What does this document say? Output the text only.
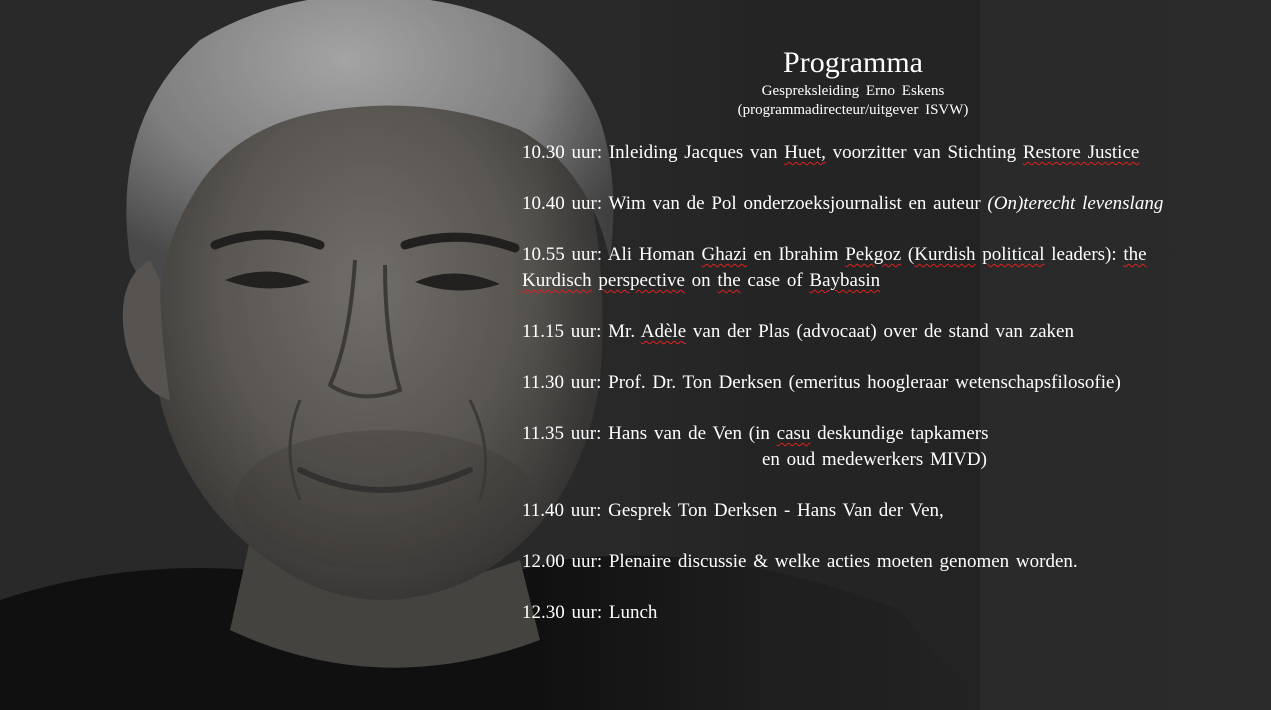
Programma

Gespreksleiding Erno Eskens

(programmadirecteur/uitgever ISVW)

10.30 uur: Inleiding Jacques van Huet, voorzitter van Stichting Restore Justice

10.40 uur: Wim van de Pol onderzoeksjournalist en auteur (On)terecht levenslang

10.55 uur: Ali Homan Ghazi en Ibrahim Pekgoz (Kurdish political leaders): the Kurdisch perspective on the case of Baybasin

11.15 uur: Mr. Adèle van der Plas (advocaat) over de stand van zaken

11.30 uur: Prof. Dr. Ton Derksen (emeritus hoogleraar wetenschapsfilosofie)

11.35 uur: Hans van de Ven (in casu deskundige tapkamers
en oud medewerkers MIVD)

11.40 uur: Gesprek Ton Derksen - Hans Van der Ven,

12.00 uur: Plenaire discussie & welke acties moeten genomen worden.

12.30 uur: Lunch
